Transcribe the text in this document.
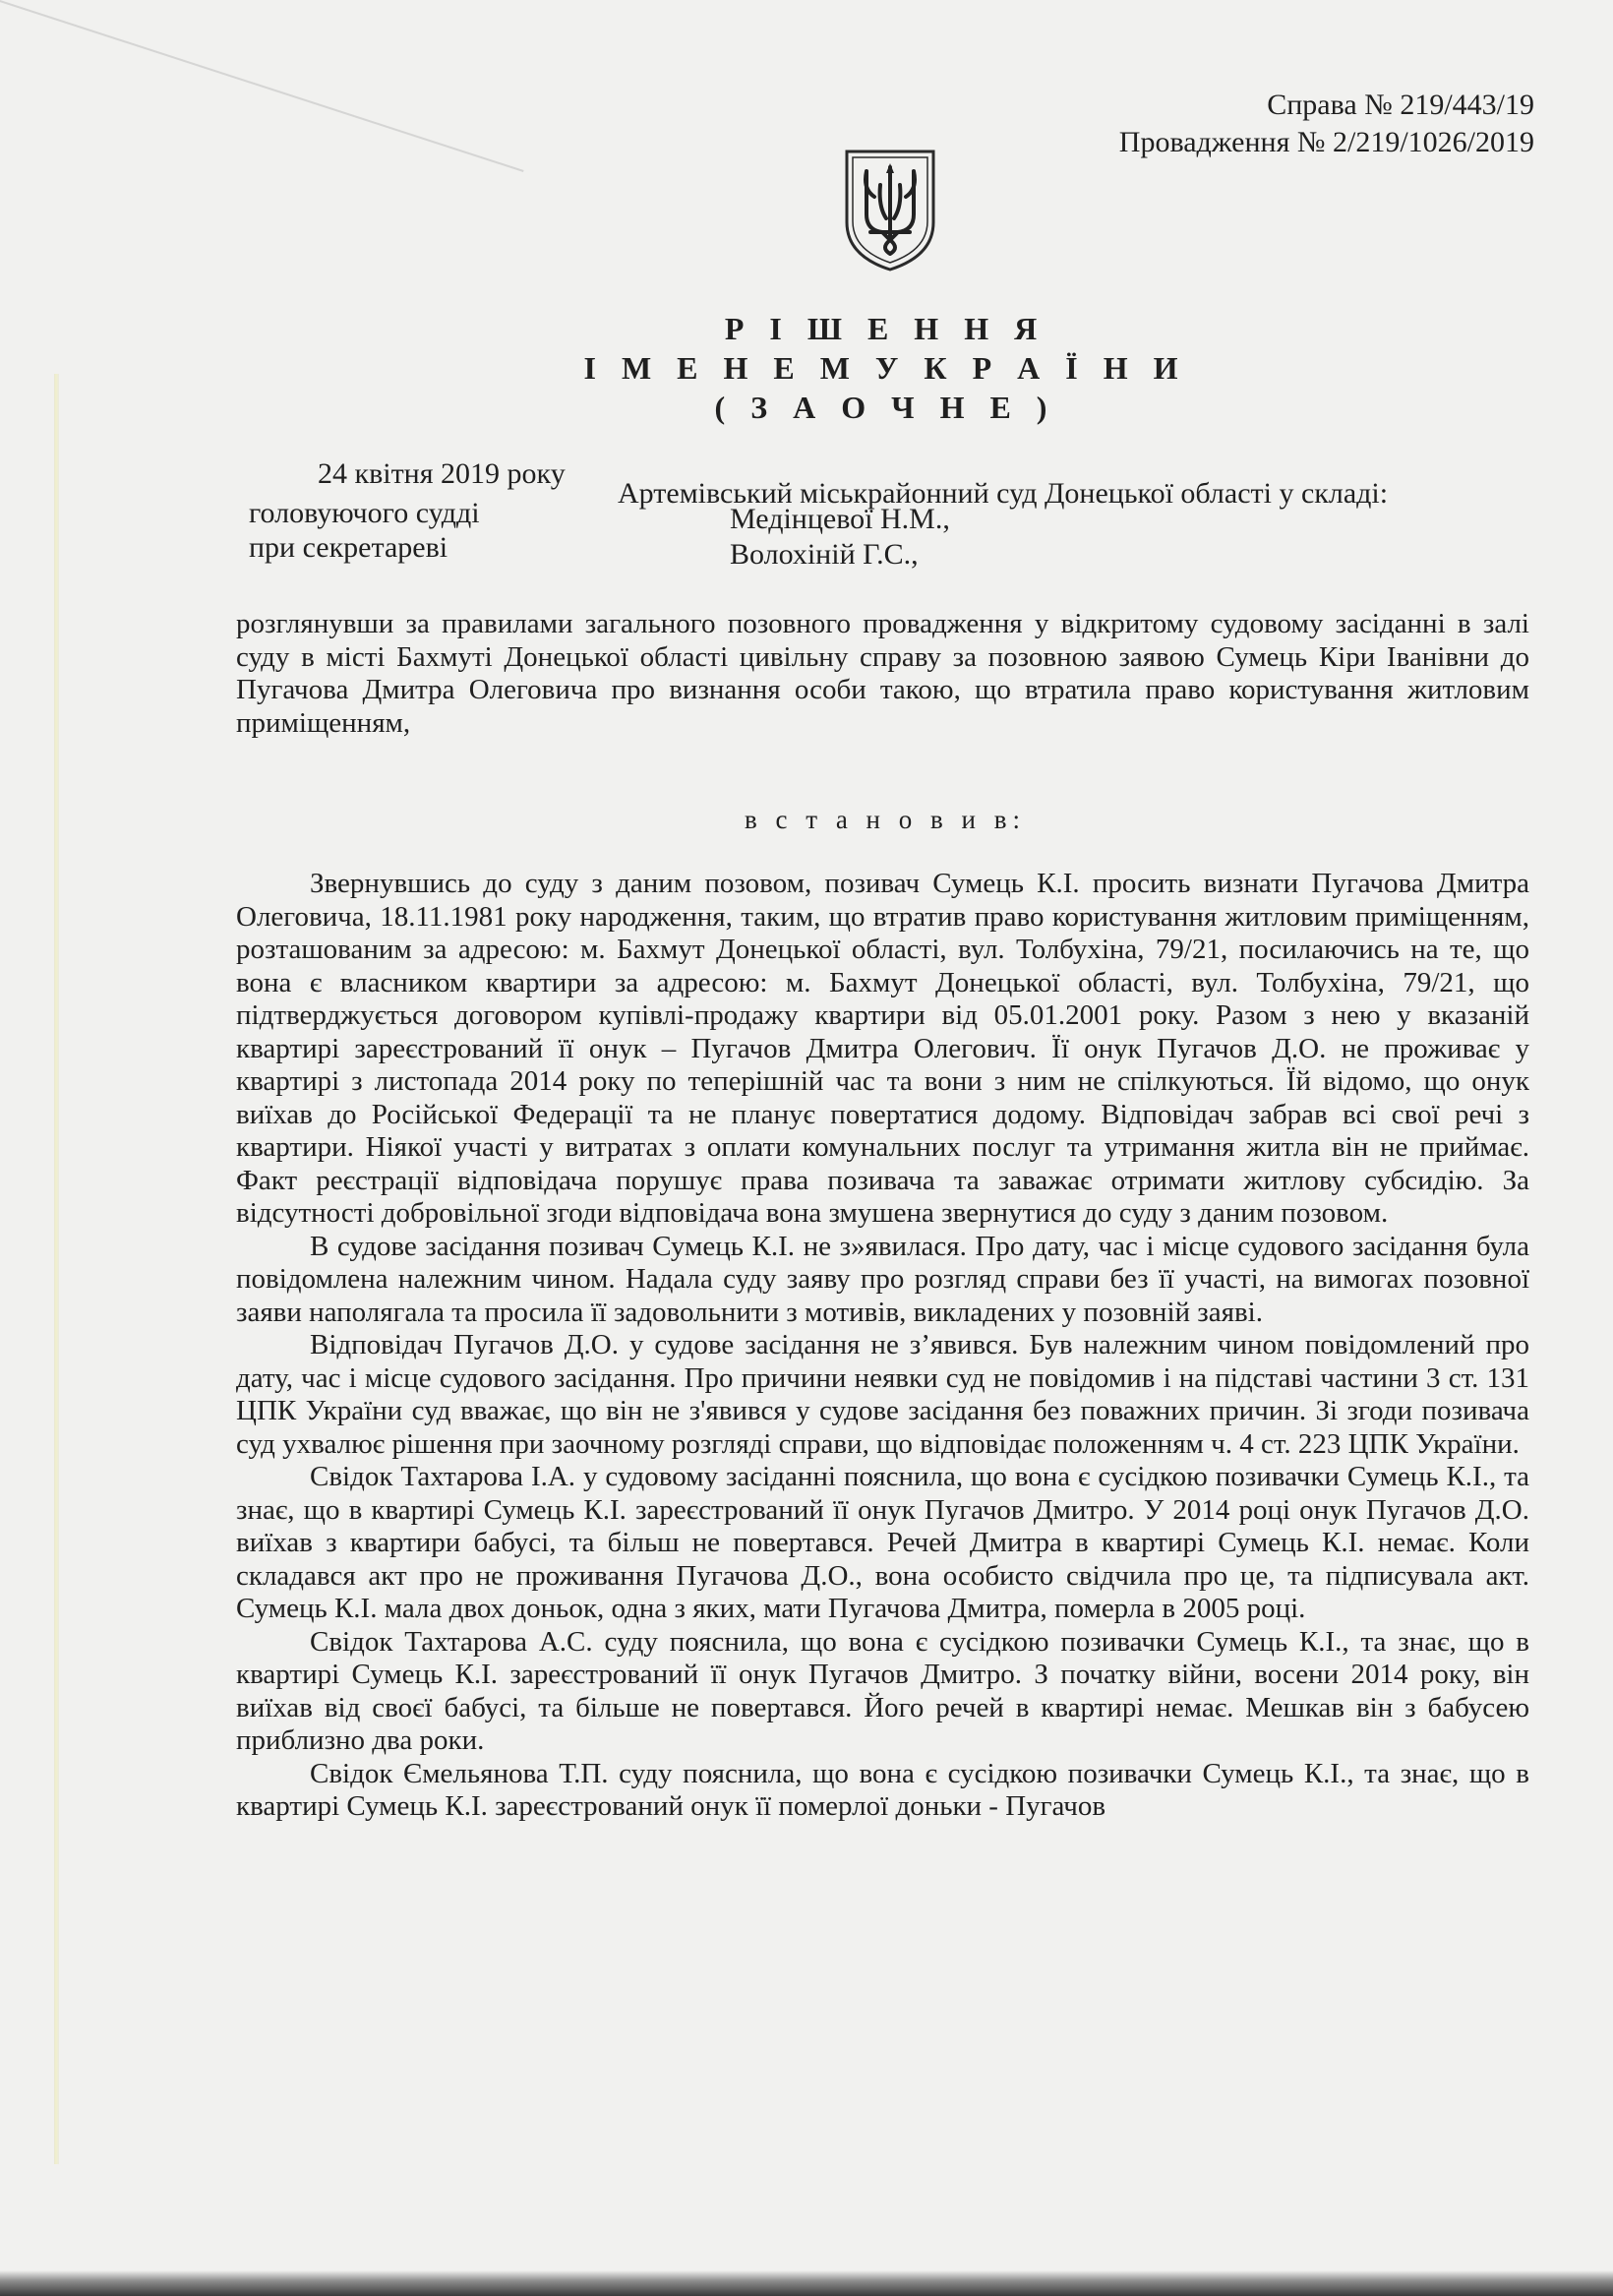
Справа № 219/443/19
Провадження № 2/219/1026/2019
Р І Ш Е Н Н Я
І М Е Н Е М У К Р А Ї Н И
( З А О Ч Н Е )
24 квітня 2019 року
Артемівський міськрайонний суд Донецької області у складі:
головуючого судді	Медінцевої Н.М.,
при секретареві	Волохіній Г.С.,
розглянувши за правилами загального позовного провадження у відкритому судовому засіданні в залі суду в місті Бахмуті Донецької області цивільну справу за позовною заявою Сумець Кіри Іванівни до Пугачова Дмитра Олеговича про визнання особи такою, що втратила право користування житловим приміщенням,
в с т а н о в и в:

Звернувшись до суду з даним позовом, позивач Сумець К.І. просить визнати Пугачова Дмитра Олеговича, 18.11.1981 року народження, таким, що втратив право користування житловим приміщенням, розташованим за адресою: м. Бахмут Донецької області, вул. Толбухіна, 79/21, посилаючись на те, що вона є власником квартири за адресою: м. Бахмут Донецької області, вул. Толбухіна, 79/21, що підтверджується договором купівлі-продажу квартири від 05.01.2001 року. Разом з нею у вказаній квартирі зареєстрований її онук – Пугачов Дмитра Олегович. Її онук Пугачов Д.О. не проживає у квартирі з листопада 2014 року по теперішній час та вони з ним не спілкуються. Їй відомо, що онук виїхав до Російської Федерації та не планує повертатися додому. Відповідач забрав всі свої речі з квартири. Ніякої участі у витратах з оплати комунальних послуг та утримання житла він не приймає. Факт реєстрації відповідача порушує права позивача та заважає отримати житлову субсидію. За відсутності добровільної згоди відповідача вона змушена звернутися до суду з даним позовом.

В судове засідання позивач Сумець К.І. не з»явилася. Про дату, час і місце судового засідання була повідомлена належним чином. Надала суду заяву про розгляд справи без її участі, на вимогах позовної заяви наполягала та просила її задовольнити з мотивів, викладених у позовній заяві.

Відповідач Пугачов Д.О. у судове засідання не з’явився. Був належним чином повідомлений про дату, час і місце судового засідання. Про причини неявки суд не повідомив і на підставі частини 3 ст. 131 ЦПК України суд вважає, що він не з'явився у судове засідання без поважних причин. Зі згоди позивача суд ухвалює рішення при заочному розгляді справи, що відповідає положенням ч. 4 ст. 223 ЦПК України.

Свідок Тахтарова І.А. у судовому засіданні пояснила, що вона є сусідкою позивачки Сумець К.І., та знає, що в квартирі Сумець К.І. зареєстрований її онук Пугачов Дмитро. У 2014 році онук Пугачов Д.О. виїхав з квартири бабусі, та більш не повертався. Речей Дмитра в квартирі Сумець К.І. немає. Коли складався акт про не проживання Пугачова Д.О., вона особисто свідчила про це, та підписувала акт. Сумець К.І. мала двох доньок, одна з яких, мати Пугачова Дмитра, померла в 2005 році.

Свідок Тахтарова А.С. суду пояснила, що вона є сусідкою позивачки Сумець К.І., та знає, що в квартирі Сумець К.І. зареєстрований її онук Пугачов Дмитро. З початку війни, восени 2014 року, він виїхав від своєї бабусі, та більше не повертався. Його речей в квартирі немає. Мешкав він з бабусею приблизно два роки.

Свідок Ємельянова Т.П. суду пояснила, що вона є сусідкою позивачки Сумець К.І., та знає, що в квартирі Сумець К.І. зареєстрований онук її померлої доньки - Пугачов
